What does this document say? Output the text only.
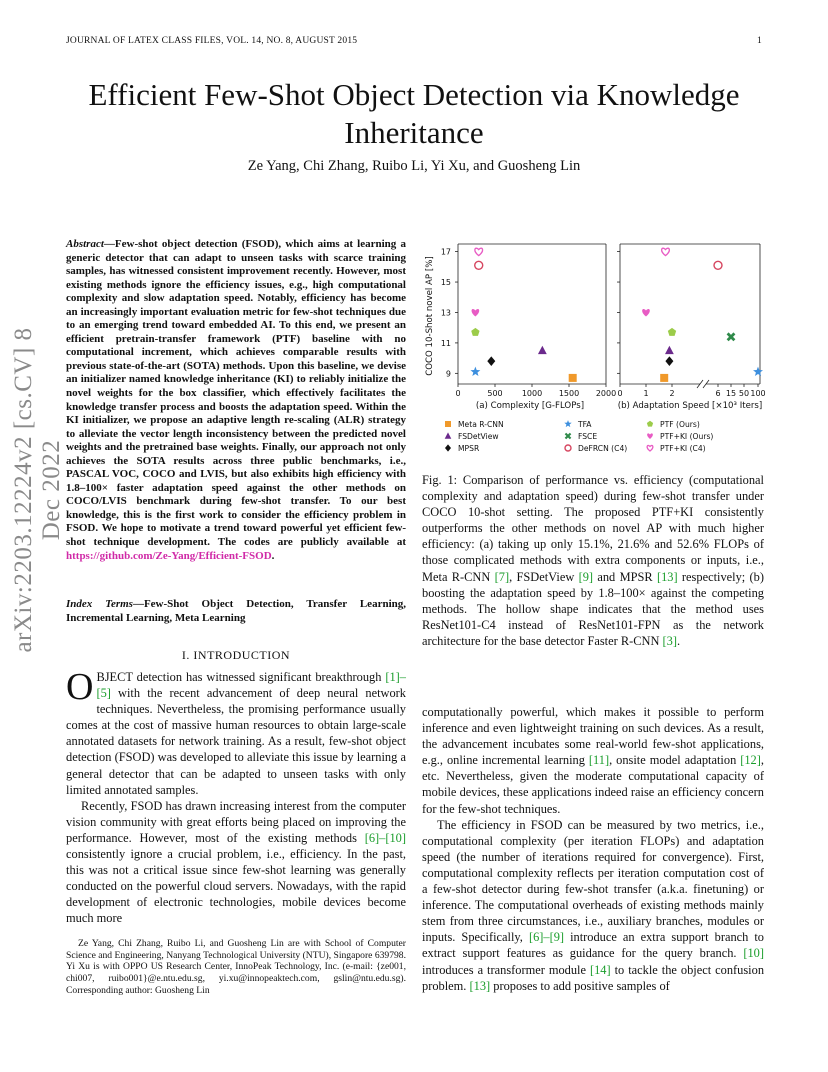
JOURNAL OF LATEX CLASS FILES, VOL. 14, NO. 8, AUGUST 2015	1
Efficient Few-Shot Object Detection via Knowledge Inheritance
Ze Yang, Chi Zhang, Ruibo Li, Yi Xu, and Guosheng Lin
arXiv:2203.12224v2 [cs.CV] 8 Dec 2022
Abstract—Few-shot object detection (FSOD), which aims at learning a generic detector that can adapt to unseen tasks with scarce training samples, has witnessed consistent improvement recently. However, most existing methods ignore the efficiency issues, e.g., high computational complexity and slow adaptation speed. Notably, efficiency has become an increasingly important evaluation metric for few-shot techniques due to an emerging trend toward embedded AI. To this end, we present an efficient pretrain-transfer framework (PTF) baseline with no computational increment, which achieves comparable results with previous state-of-the-art (SOTA) methods. Upon this baseline, we devise an initializer named knowledge inheritance (KI) to reliably initialize the novel weights for the box classifier, which effectively facilitates the knowledge transfer process and boosts the adaptation speed. Within the KI initializer, we propose an adaptive length re-scaling (ALR) strategy to alleviate the vector length inconsistency between the predicted novel weights and the pretrained base weights. Finally, our approach not only achieves the SOTA results across three public benchmarks, i.e., PASCAL VOC, COCO and LVIS, but also exhibits high efficiency with 1.8–100× faster adaptation speed against the other methods on COCO/LVIS benchmark during few-shot transfer. To our best knowledge, this is the first work to consider the efficiency problem in FSOD. We hope to motivate a trend toward powerful yet efficient few-shot technique development. The codes are publicly available at https://github.com/Ze-Yang/Efficient-FSOD.
Index Terms—Few-Shot Object Detection, Transfer Learning, Incremental Learning, Meta Learning
I. INTRODUCTION

OBJECT detection has witnessed significant breakthrough [1]–[5] with the recent advancement of deep neural network techniques. Nevertheless, the promising performance usually comes at the cost of massive human resources to obtain large-scale annotated datasets for network training. As a result, few-shot object detection (FSOD) was developed to alleviate this issue by learning a general detector that can be adapted to unseen tasks with only limited annotated samples.

Recently, FSOD has drawn increasing interest from the computer vision community with great efforts being placed on improving the performance. However, most of the existing methods [6]–[10] consistently ignore a crucial problem, i.e., efficiency. In the past, this was not a critical issue since few-shot learning was generally conducted on the powerful cloud servers. Nowadays, with the rapid development of electronic technologies, mobile devices become much more

Ze Yang, Chi Zhang, Ruibo Li, and Guosheng Lin are with School of Computer Science and Engineering, Nanyang Technological University (NTU), Singapore 639798. Yi Xu is with OPPO US Research Center, InnoPeak Technology, Inc. (e-mail: {ze001, chi007, ruibo001}@e.ntu.edu.sg, yi.xu@innopeaktech.com, gslin@ntu.edu.sg). Corresponding author: Guosheng Lin
9
11
13
15
17
0	500 1000 1500 2000 0	1	2	6 15 50 100
COCO 10-Shot novel AP [%]
(a) Complexity [G-FLOPs]	(b) Adaptation Speed [×10³ Iters]
Meta R-CNN	TFA	PTF (Ours)
FSDetView	FSCE	PTF+KI (Ours)
MPSR	DeFRCN (C4)	PTF+KI (C4)
Fig. 1: Comparison of performance vs. efficiency (computational complexity and adaptation speed) during few-shot transfer under COCO 10-shot setting. The proposed PTF+KI consistently outperforms the other methods on novel AP with much higher efficiency: (a) taking up only 15.1%, 21.6% and 52.6% FLOPs of those complicated methods with extra components or inputs, i.e., Meta R-CNN [7], FSDetView [9] and MPSR [13] respectively; (b) boosting the adaptation speed by 1.8–100× against the competing methods. The hollow shape indicates that the method uses ResNet101-C4 instead of ResNet101-FPN as the network architecture for the base detector Faster R-CNN [3].

computationally powerful, which makes it possible to perform inference and even lightweight training on such devices. As a result, the advancement incubates some real-world few-shot applications, e.g., online incremental learning [11], onsite model adaptation [12], etc. Nevertheless, given the moderate computational capacity of mobile devices, these applications indeed raise an efficiency concern for the few-shot techniques.

The efficiency in FSOD can be measured by two metrics, i.e., computational complexity (per iteration FLOPs) and adaptation speed (the number of iterations required for convergence). First, computational complexity reflects per iteration computation cost of a few-shot detector during few-shot transfer (a.k.a. finetuning) or inference. The computational overheads of existing methods mainly stem from three circumstances, i.e., auxiliary branches, modules or inputs. Specifically, [6]–[9] introduce an extra support branch to extract support features as guidance for the query branch. [10] introduces a transformer module [14] to tackle the object confusion problem. [13] proposes to add positive samples of
